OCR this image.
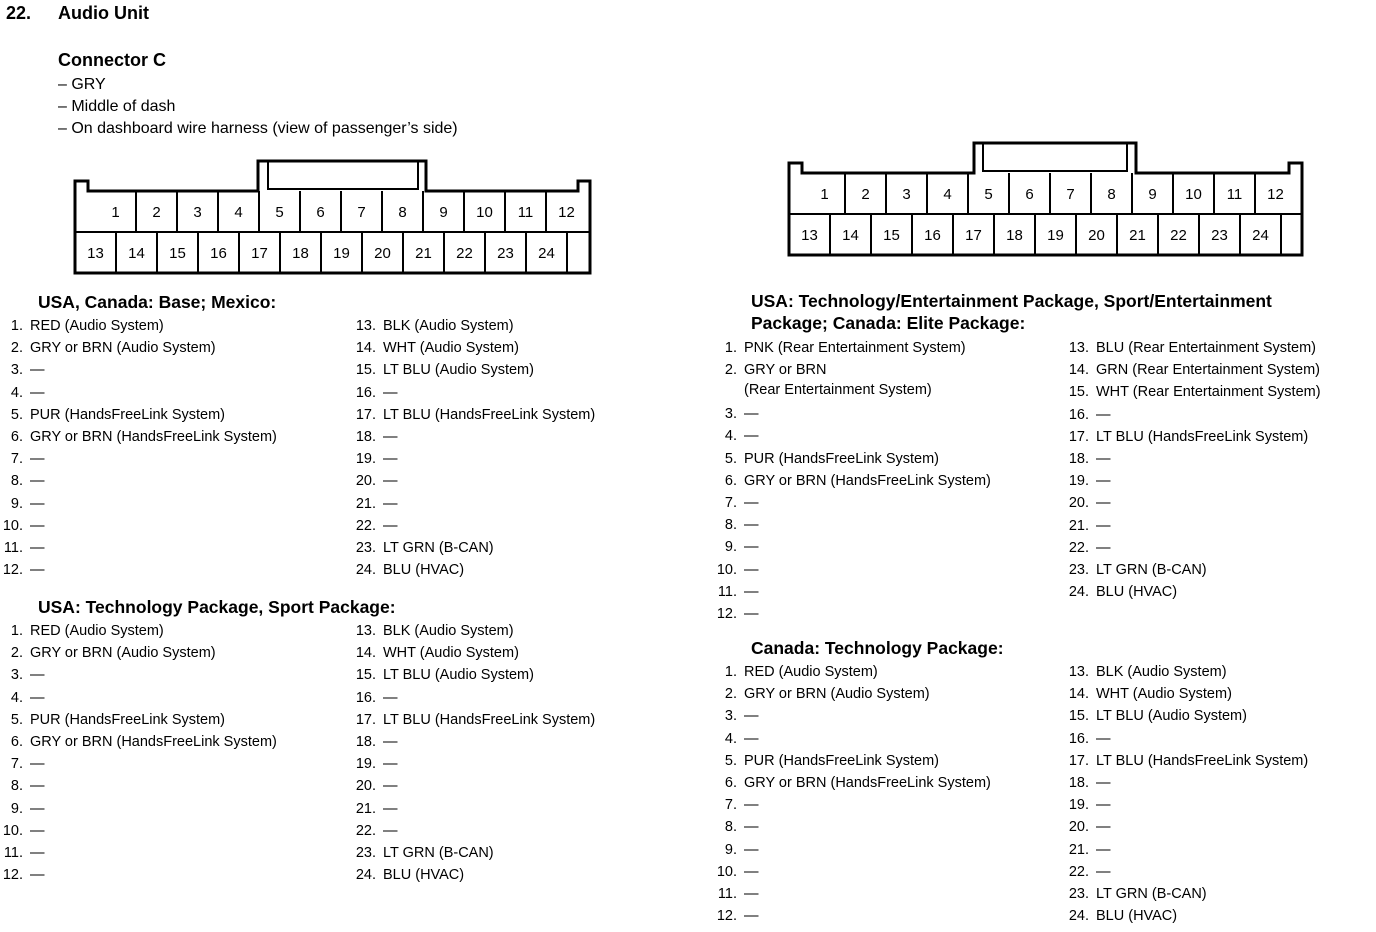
22. Audio Unit
Connector C
– GRY
– Middle of dash
– On dashboard wire harness (view of passenger’s side)
1 2 3 4 5 6 7 8 9 10 11 12
13 14 15 16 17 18 19 20 21 22 23 24
1 2 3 4 5 6 7 8 9 10 11 12
13 14 15 16 17 18 19 20 21 22 23 24
USA, Canada: Base; Mexico:
1. RED (Audio System)
2. GRY or BRN (Audio System)
3. —
4. —
5. PUR (HandsFreeLink System)
6. GRY or BRN (HandsFreeLink System)
7. —
8. —
9. —
10. —
11. —
12. —
13. BLK (Audio System)
14. WHT (Audio System)
15. LT BLU (Audio System)
16. —
17. LT BLU (HandsFreeLink System)
18. —
19. —
20. —
21. —
22. —
23. LT GRN (B-CAN)
24. BLU (HVAC)
USA: Technology Package, Sport Package:
1. RED (Audio System)
2. GRY or BRN (Audio System)
3. —
4. —
5. PUR (HandsFreeLink System)
6. GRY or BRN (HandsFreeLink System)
7. —
8. —
9. —
10. —
11. —
12. —
13. BLK (Audio System)
14. WHT (Audio System)
15. LT BLU (Audio System)
16. —
17. LT BLU (HandsFreeLink System)
18. —
19. —
20. —
21. —
22. —
23. LT GRN (B-CAN)
24. BLU (HVAC)
USA: Technology/Entertainment Package, Sport/Entertainment
Package; Canada: Elite Package:
1. PNK (Rear Entertainment System)
2. GRY or BRN
(Rear Entertainment System)
3. —
4. —
5. PUR (HandsFreeLink System)
6. GRY or BRN (HandsFreeLink System)
7. —
8. —
9. —
10. —
11. —
12. —
13. BLU (Rear Entertainment System)
14. GRN (Rear Entertainment System)
15. WHT (Rear Entertainment System)
16. —
17. LT BLU (HandsFreeLink System)
18. —
19. —
20. —
21. —
22. —
23. LT GRN (B-CAN)
24. BLU (HVAC)
Canada: Technology Package:
1. RED (Audio System)
2. GRY or BRN (Audio System)
3. —
4. —
5. PUR (HandsFreeLink System)
6. GRY or BRN (HandsFreeLink System)
7. —
8. —
9. —
10. —
11. —
12. —
13. BLK (Audio System)
14. WHT (Audio System)
15. LT BLU (Audio System)
16. —
17. LT BLU (HandsFreeLink System)
18. —
19. —
20. —
21. —
22. —
23. LT GRN (B-CAN)
24. BLU (HVAC)
